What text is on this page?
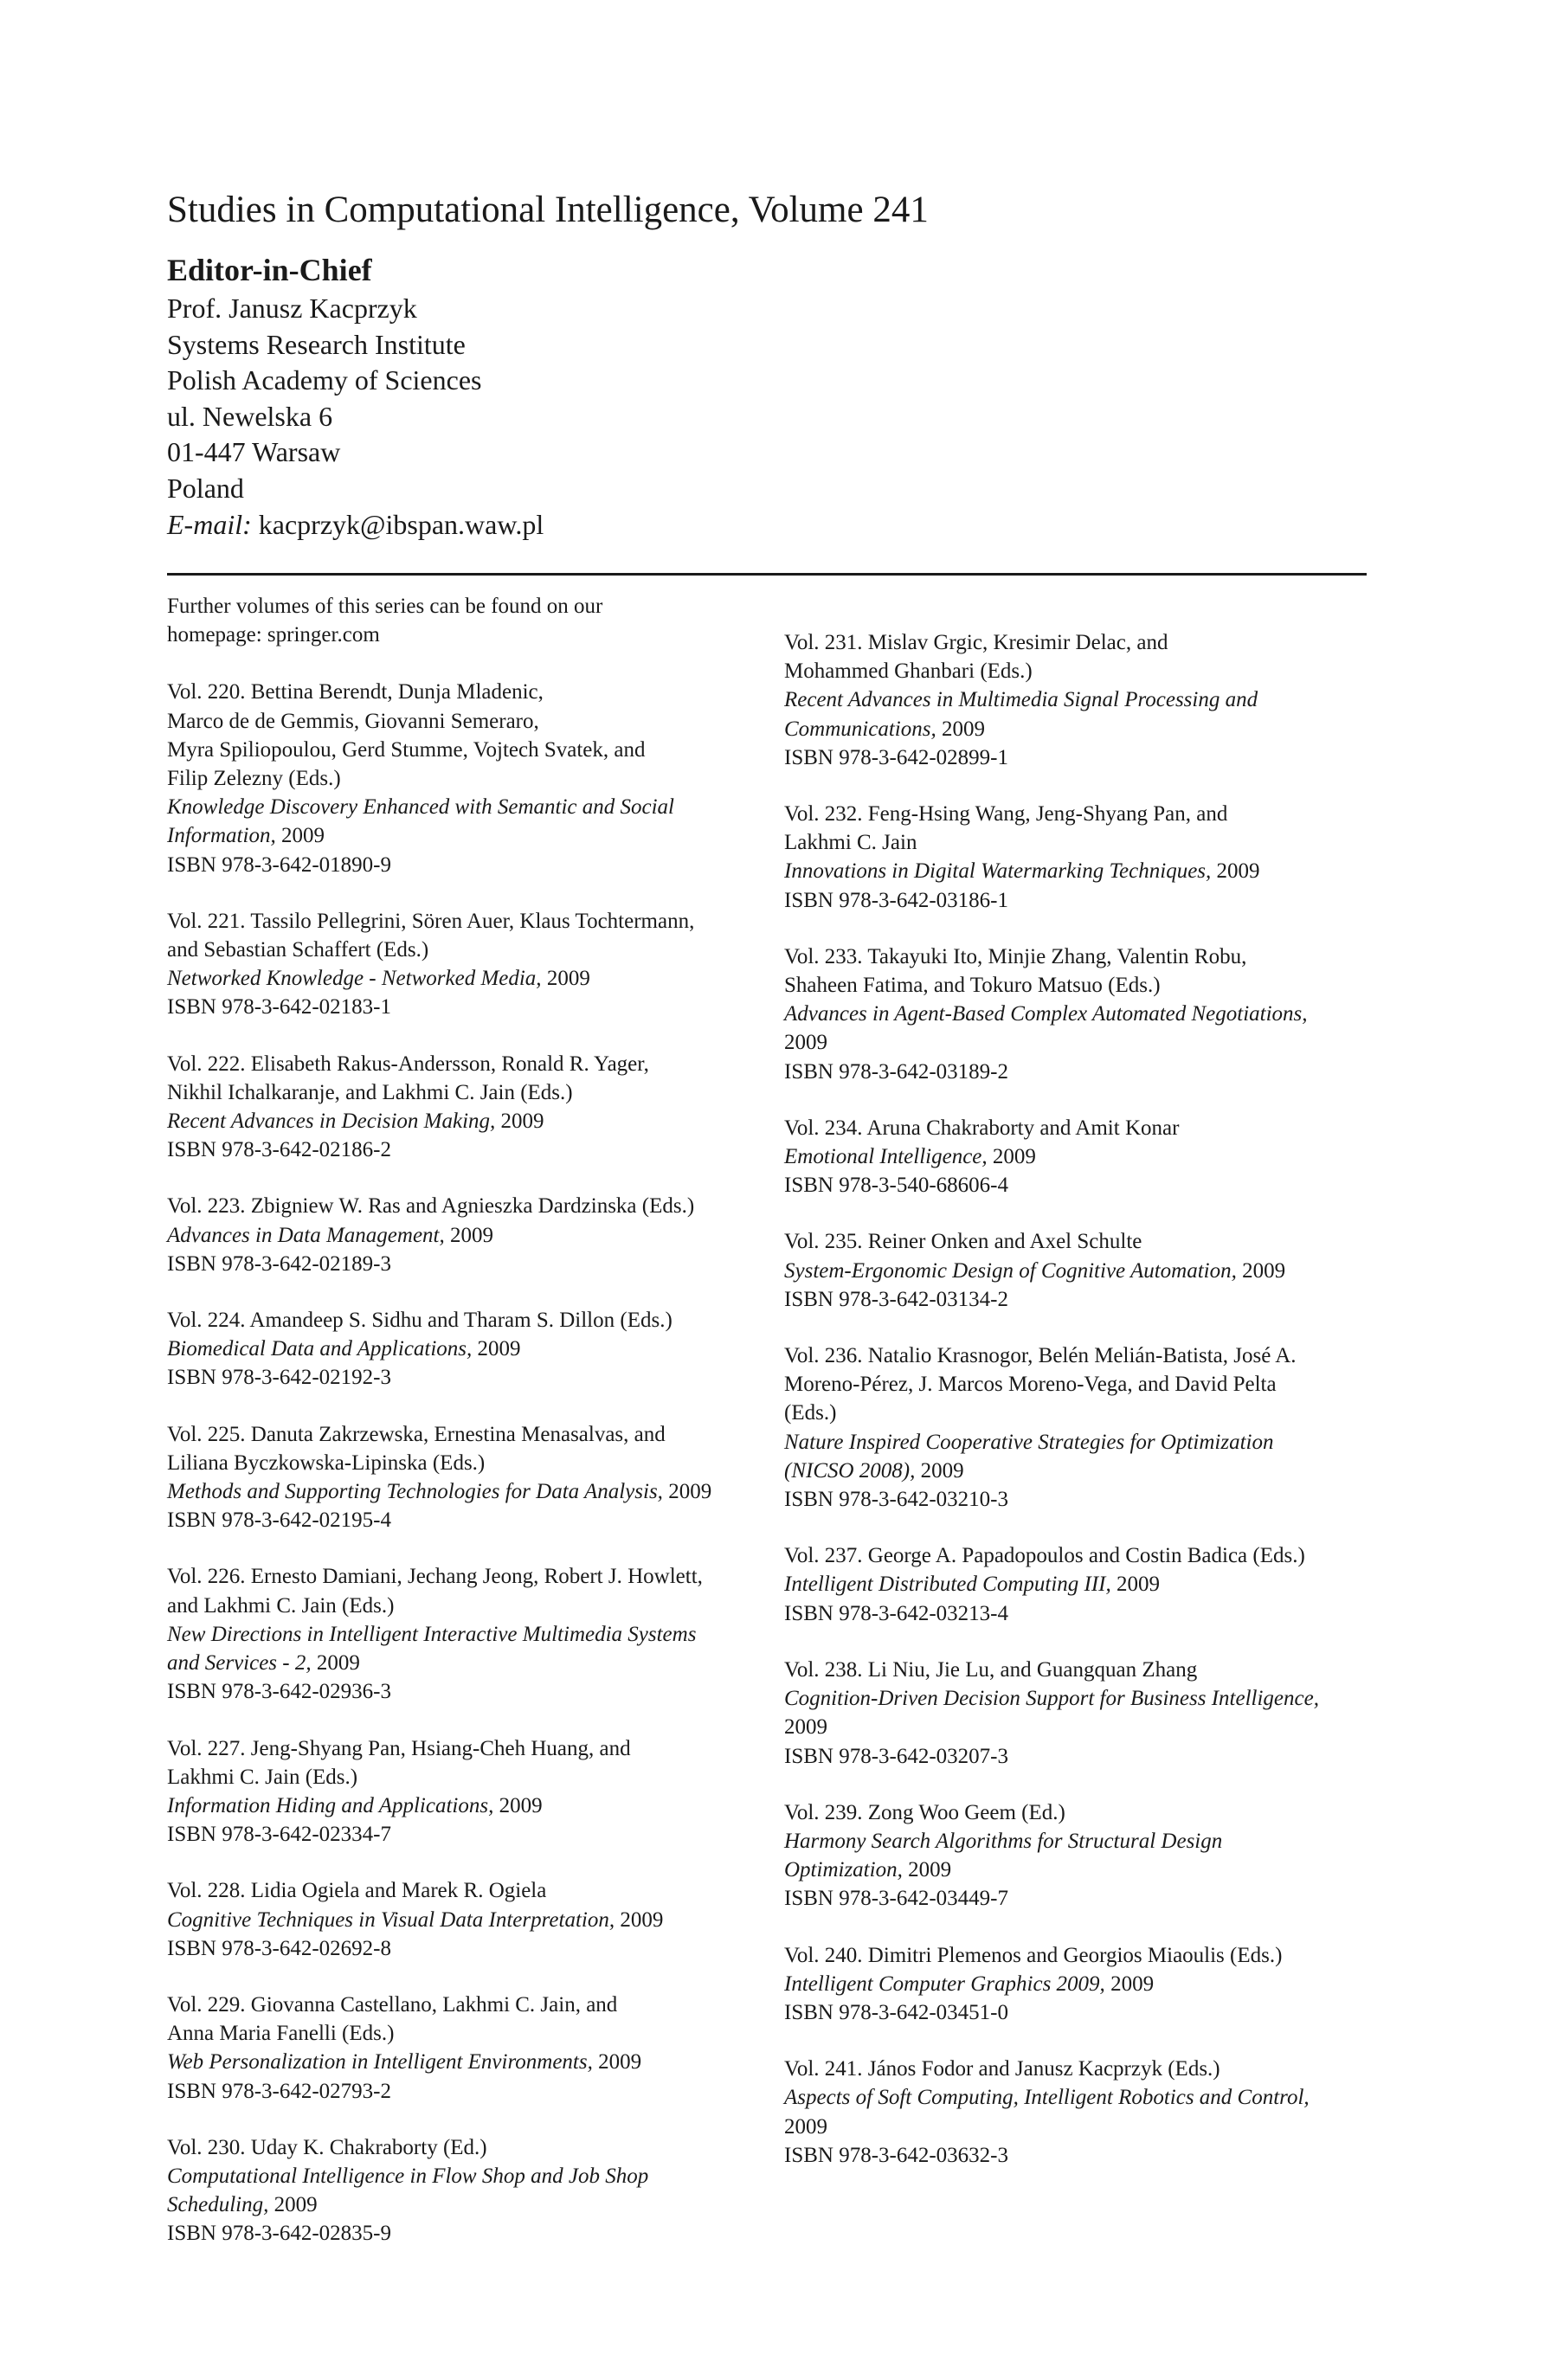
Studies in Computational Intelligence, Volume 241
Editor-in-Chief
Prof. Janusz Kacprzyk
Systems Research Institute
Polish Academy of Sciences
ul. Newelska 6
01-447 Warsaw
Poland
E-mail: kacprzyk@ibspan.waw.pl
Further volumes of this series can be found on our
homepage: springer.com
Vol. 220. Bettina Berendt, Dunja Mladenic,
Marco de de Gemmis, Giovanni Semeraro,
Myra Spiliopoulou, Gerd Stumme, Vojtech Svatek, and
Filip Zelezny (Eds.)
Knowledge Discovery Enhanced with Semantic and Social
Information, 2009
ISBN 978-3-642-01890-9
Vol. 221. Tassilo Pellegrini, Sören Auer, Klaus Tochtermann,
and Sebastian Schaffert (Eds.)
Networked Knowledge - Networked Media, 2009
ISBN 978-3-642-02183-1
Vol. 222. Elisabeth Rakus-Andersson, Ronald R. Yager,
Nikhil Ichalkaranje, and Lakhmi C. Jain (Eds.)
Recent Advances in Decision Making, 2009
ISBN 978-3-642-02186-2
Vol. 223. Zbigniew W. Ras and Agnieszka Dardzinska (Eds.)
Advances in Data Management, 2009
ISBN 978-3-642-02189-3
Vol. 224. Amandeep S. Sidhu and Tharam S. Dillon (Eds.)
Biomedical Data and Applications, 2009
ISBN 978-3-642-02192-3
Vol. 225. Danuta Zakrzewska, Ernestina Menasalvas, and
Liliana Byczkowska-Lipinska (Eds.)
Methods and Supporting Technologies for Data Analysis, 2009
ISBN 978-3-642-02195-4
Vol. 226. Ernesto Damiani, Jechang Jeong, Robert J. Howlett,
and Lakhmi C. Jain (Eds.)
New Directions in Intelligent Interactive Multimedia Systems
and Services - 2, 2009
ISBN 978-3-642-02936-3
Vol. 227. Jeng-Shyang Pan, Hsiang-Cheh Huang, and
Lakhmi C. Jain (Eds.)
Information Hiding and Applications, 2009
ISBN 978-3-642-02334-7
Vol. 228. Lidia Ogiela and Marek R. Ogiela
Cognitive Techniques in Visual Data Interpretation, 2009
ISBN 978-3-642-02692-8
Vol. 229. Giovanna Castellano, Lakhmi C. Jain, and
Anna Maria Fanelli (Eds.)
Web Personalization in Intelligent Environments, 2009
ISBN 978-3-642-02793-2
Vol. 230. Uday K. Chakraborty (Ed.)
Computational Intelligence in Flow Shop and Job Shop
Scheduling, 2009
ISBN 978-3-642-02835-9
Vol. 231. Mislav Grgic, Kresimir Delac, and
Mohammed Ghanbari (Eds.)
Recent Advances in Multimedia Signal Processing and
Communications, 2009
ISBN 978-3-642-02899-1
Vol. 232. Feng-Hsing Wang, Jeng-Shyang Pan, and
Lakhmi C. Jain
Innovations in Digital Watermarking Techniques, 2009
ISBN 978-3-642-03186-1
Vol. 233. Takayuki Ito, Minjie Zhang, Valentin Robu,
Shaheen Fatima, and Tokuro Matsuo (Eds.)
Advances in Agent-Based Complex Automated Negotiations,
2009
ISBN 978-3-642-03189-2
Vol. 234. Aruna Chakraborty and Amit Konar
Emotional Intelligence, 2009
ISBN 978-3-540-68606-4
Vol. 235. Reiner Onken and Axel Schulte
System-Ergonomic Design of Cognitive Automation, 2009
ISBN 978-3-642-03134-2
Vol. 236. Natalio Krasnogor, Belén Melián-Batista, José A.
Moreno-Pérez, J. Marcos Moreno-Vega, and David Pelta
(Eds.)
Nature Inspired Cooperative Strategies for Optimization
(NICSO 2008), 2009
ISBN 978-3-642-03210-3
Vol. 237. George A. Papadopoulos and Costin Badica (Eds.)
Intelligent Distributed Computing III, 2009
ISBN 978-3-642-03213-4
Vol. 238. Li Niu, Jie Lu, and Guangquan Zhang
Cognition-Driven Decision Support for Business Intelligence,
2009
ISBN 978-3-642-03207-3
Vol. 239. Zong Woo Geem (Ed.)
Harmony Search Algorithms for Structural Design
Optimization, 2009
ISBN 978-3-642-03449-7
Vol. 240. Dimitri Plemenos and Georgios Miaoulis (Eds.)
Intelligent Computer Graphics 2009, 2009
ISBN 978-3-642-03451-0
Vol. 241. János Fodor and Janusz Kacprzyk (Eds.)
Aspects of Soft Computing, Intelligent Robotics and Control,
2009
ISBN 978-3-642-03632-3
